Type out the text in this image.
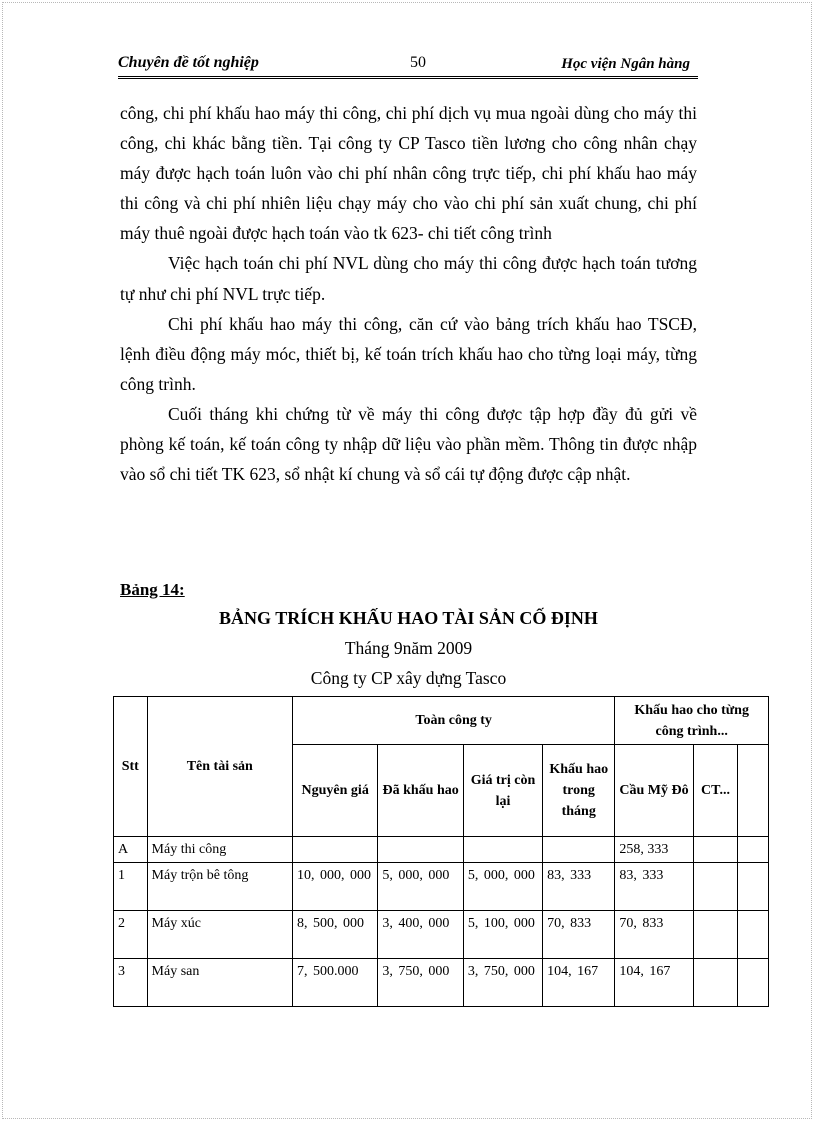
Chuyên đề tốt nghiệp	50	Học viện Ngân hàng

công, chi phí khấu hao máy thi công, chi phí dịch vụ mua ngoài dùng cho máy thi công, chi khác bằng tiền. Tại công ty CP Tasco tiền lương cho công nhân chạy máy được hạch toán luôn vào chi phí nhân công trực tiếp, chi phí khấu hao máy thi công và chi phí nhiên liệu chạy máy cho vào chi phí sản xuất chung, chi phí máy thuê ngoài được hạch toán vào tk 623- chi tiết công trình

Việc hạch toán chi phí NVL dùng cho máy thi công được hạch toán tương tự như chi phí NVL trực tiếp.

Chi phí khấu hao máy thi công, căn cứ vào bảng trích khấu hao TSCĐ, lệnh điều động máy móc, thiết bị, kế toán trích khấu hao cho từng loại máy, từng công trình.

Cuối tháng khi chứng từ về máy thi công được tập hợp đầy đủ gửi về phòng kế toán, kế toán công ty nhập dữ liệu vào phần mềm. Thông tin được nhập vào sổ chi tiết TK 623, sổ nhật kí chung và sổ cái tự động được cập nhật.

Bảng 14:
BẢNG TRÍCH KHẤU HAO TÀI SẢN CỐ ĐỊNH
Tháng 9năm 2009
Công ty CP xây dựng Tasco
Stt	Tên tài sản	Toàn công ty				Khấu hao cho từng công trình...		
		Nguyên giá	Đã khấu hao	Giá trị còn lại	Khấu hao trong tháng	Cầu Mỹ Đô	CT...	
A	Máy thi công					258, 333		
1	Máy trộn bê tông	10, 000, 000	5, 000, 000	5, 000, 000	83, 333	83, 333		
2	Máy xúc	8, 500, 000	3, 400, 000	5, 100, 000	70, 833	70, 833		
3	Máy san	7, 500.000	3, 750, 000	3, 750, 000	104, 167	104, 167		
